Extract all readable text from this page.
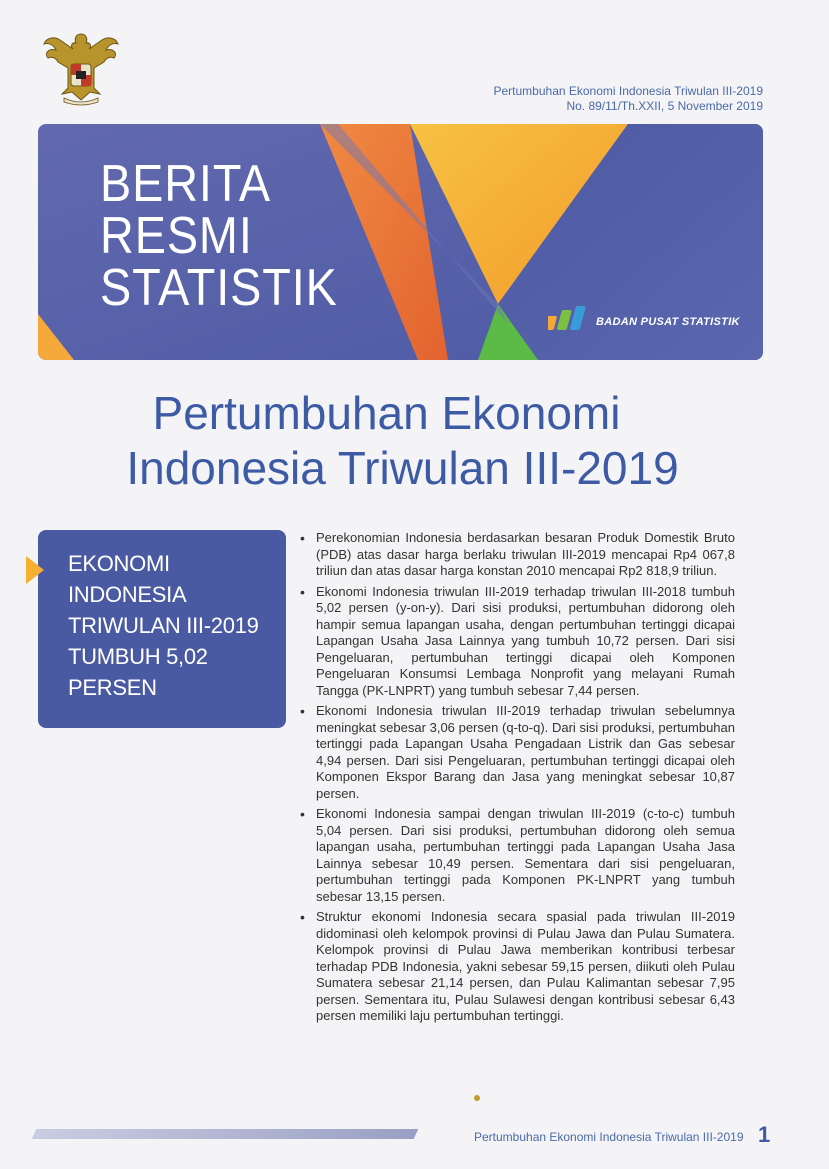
Pertumbuhan Ekonomi Indonesia Triwulan III-2019
No. 89/11/Th.XXII, 5 November 2019
BERITA
RESMI
STATISTIK
BADAN PUSAT STATISTIK
Pertumbuhan Ekonomi
Indonesia Triwulan III-2019
EKONOMI INDONESIA TRIWULAN III-2019 TUMBUH 5,02 PERSEN
• Perekonomian Indonesia berdasarkan besaran Produk Domestik Bruto (PDB) atas dasar harga berlaku triwulan III-2019 mencapai Rp4 067,8 triliun dan atas dasar harga konstan 2010 mencapai Rp2 818,9 triliun.
• Ekonomi Indonesia triwulan III-2019 terhadap triwulan III-2018 tumbuh 5,02 persen (y-on-y). Dari sisi produksi, pertumbuhan didorong oleh hampir semua lapangan usaha, dengan pertumbuhan tertinggi dicapai Lapangan Usaha Jasa Lainnya yang tumbuh 10,72 persen. Dari sisi Pengeluaran, pertumbuhan tertinggi dicapai oleh Komponen Pengeluaran Konsumsi Lembaga Nonprofit yang melayani Rumah Tangga (PK-LNPRT) yang tumbuh sebesar 7,44 persen.
• Ekonomi Indonesia triwulan III-2019 terhadap triwulan sebelumnya meningkat sebesar 3,06 persen (q-to-q). Dari sisi produksi, pertumbuhan tertinggi pada Lapangan Usaha Pengadaan Listrik dan Gas sebesar 4,94 persen. Dari sisi Pengeluaran, pertumbuhan tertinggi dicapai oleh Komponen Ekspor Barang dan Jasa yang meningkat sebesar 10,87 persen.
• Ekonomi Indonesia sampai dengan triwulan III-2019 (c-to-c) tumbuh 5,04 persen. Dari sisi produksi, pertumbuhan didorong oleh semua lapangan usaha, pertumbuhan tertinggi pada Lapangan Usaha Jasa Lainnya sebesar 10,49 persen. Sementara dari sisi pengeluaran, pertumbuhan tertinggi pada Komponen PK-LNPRT yang tumbuh sebesar 13,15 persen.
• Struktur ekonomi Indonesia secara spasial pada triwulan III-2019 didominasi oleh kelompok provinsi di Pulau Jawa dan Pulau Sumatera. Kelompok provinsi di Pulau Jawa memberikan kontribusi terbesar terhadap PDB Indonesia, yakni sebesar 59,15 persen, diikuti oleh Pulau Sumatera sebesar 21,14 persen, dan Pulau Kalimantan sebesar 7,95 persen. Sementara itu, Pulau Sulawesi dengan kontribusi sebesar 6,43 persen memiliki laju pertumbuhan tertinggi.
Pertumbuhan Ekonomi Indonesia Triwulan III-2019 1
